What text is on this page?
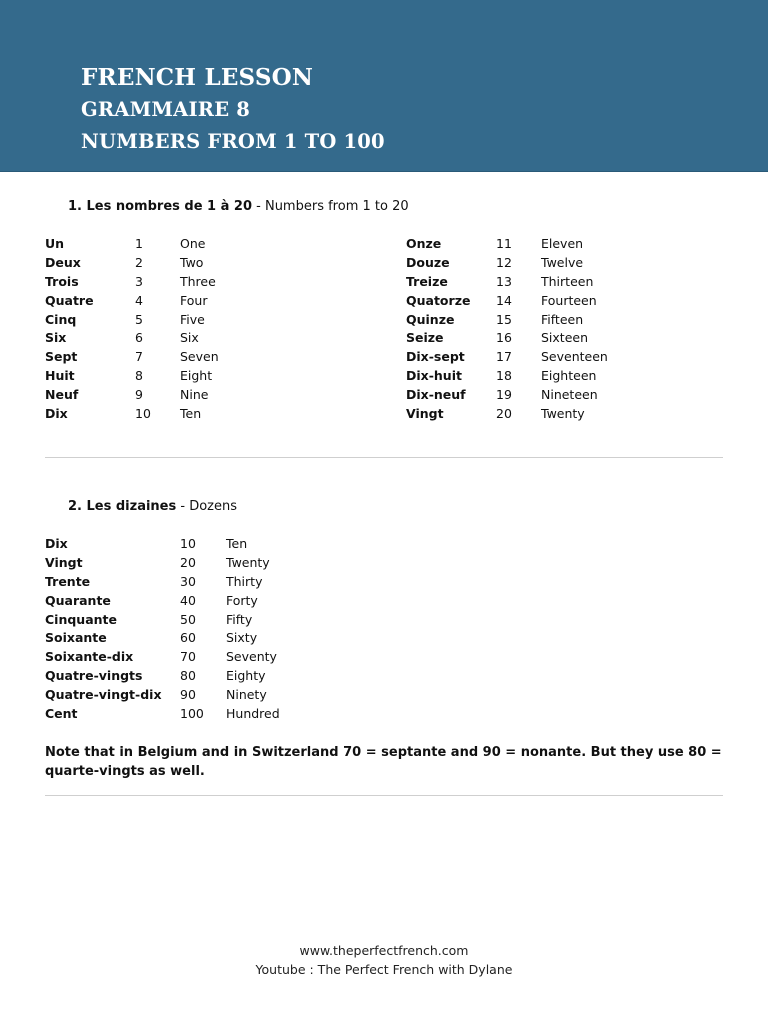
FRENCH LESSON
GRAMMAIRE 8
NUMBERS FROM 1 TO 100
1. Les nombres de 1 à 20 - Numbers from 1 to 20
Un	1	One
Deux	2	Two
Trois	3	Three
Quatre	4	Four
Cinq	5	Five
Six	6	Six
Sept	7	Seven
Huit	8	Eight
Neuf	9	Nine
Dix	10 Ten
Onze	11 Eleven
Douze	12 Twelve
Treize	13 Thirteen
Quatorze 14 Fourteen
Quinze	15 Fifteen
Seize	16 Sixteen
Dix-sept 17 Seventeen
Dix-huit	18 Eighteen
Dix-neuf 19 Nineteen
Vingt	20 Twenty
2. Les dizaines - Dozens
Dix	10 Ten
Vingt	20 Twenty
Trente	30 Thirty
Quarante	40 Forty
Cinquante	50 Fifty
Soixante	60 Sixty
Soixante-dix	70 Seventy
Quatre-vingts	80 Eighty
Quatre-vingt-dix 90 Ninety
Cent	100 Hundred
Note that in Belgium and in Switzerland 70 = septante and 90 = nonante. But they use 80 = quarte-vingts as well.
www.theperfectfrench.com
Youtube : The Perfect French with Dylane
